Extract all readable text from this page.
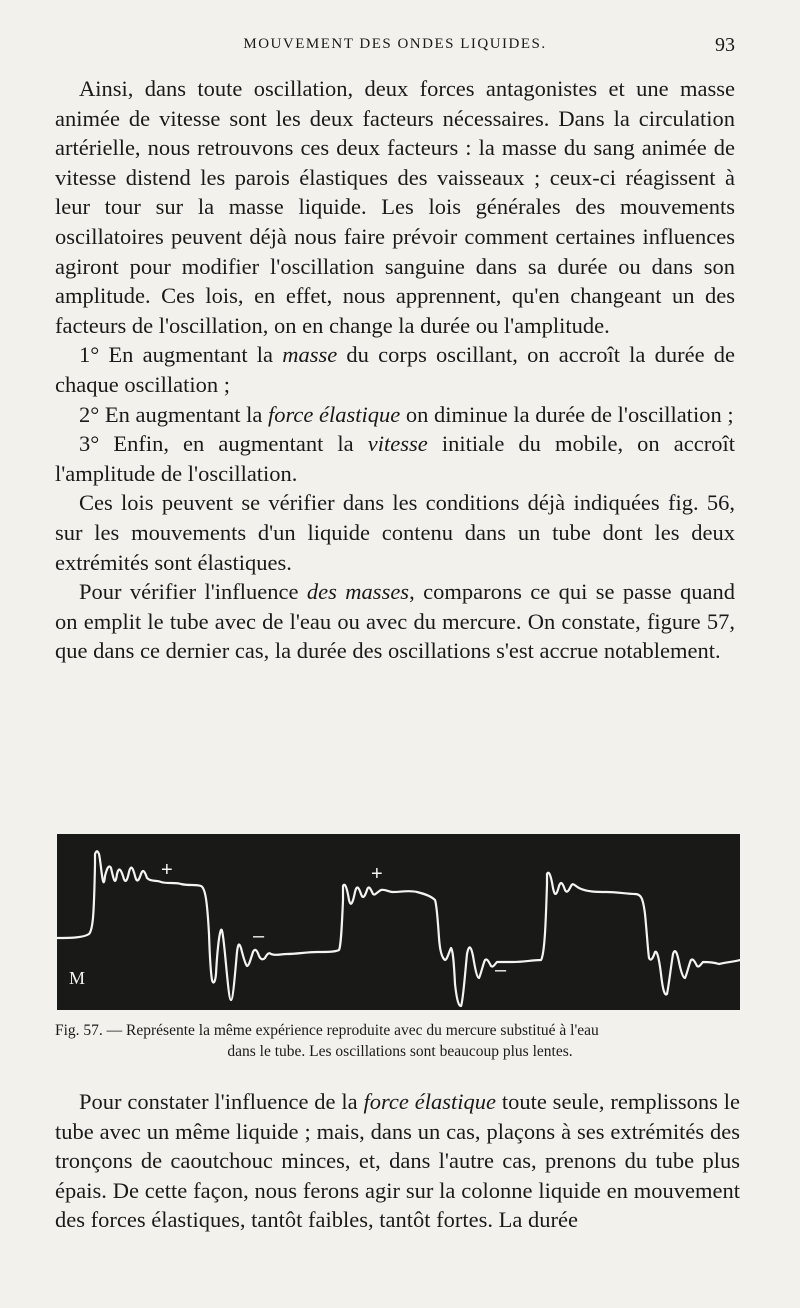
MOUVEMENT DES ONDES LIQUIDES.	93

Ainsi, dans toute oscillation, deux forces antagonistes et une masse animée de vitesse sont les deux facteurs nécessaires. Dans la circulation artérielle, nous retrouvons ces deux facteurs : la masse du sang animée de vitesse distend les parois élastiques des vaisseaux ; ceux-ci réagissent à leur tour sur la masse liquide. Les lois générales des mouvements oscillatoires peuvent déjà nous faire prévoir comment certaines influences agiront pour modifier l'oscillation sanguine dans sa durée ou dans son amplitude. Ces lois, en effet, nous apprennent, qu'en changeant un des facteurs de l'oscillation, on en change la durée ou l'amplitude.

1° En augmentant la masse du corps oscillant, on accroît la durée de chaque oscillation ;

2° En augmentant la force élastique on diminue la durée de l'oscillation ;

3° Enfin, en augmentant la vitesse initiale du mobile, on accroît l'amplitude de l'oscillation.

Ces lois peuvent se vérifier dans les conditions déjà indiquées fig. 56, sur les mouvements d'un liquide contenu dans un tube dont les deux extrémités sont élastiques.

Pour vérifier l'influence des masses, comparons ce qui se passe quand on emplit le tube avec de l'eau ou avec du mercure. On constate, figure 57, que dans ce dernier cas, la durée des oscillations s'est accrue notablement.

+	+
–
–
M
Fig. 57. — Représente la même expérience reproduite avec du mercure substitué à l'eau
dans le tube. Les oscillations sont beaucoup plus lentes.

Pour constater l'influence de la force élastique toute seule, remplissons le tube avec un même liquide ; mais, dans un cas, plaçons à ses extrémités des tronçons de caoutchouc minces, et, dans l'autre cas, prenons du tube plus épais. De cette façon, nous ferons agir sur la colonne liquide en mouvement des forces élastiques, tantôt faibles, tantôt fortes. La durée
